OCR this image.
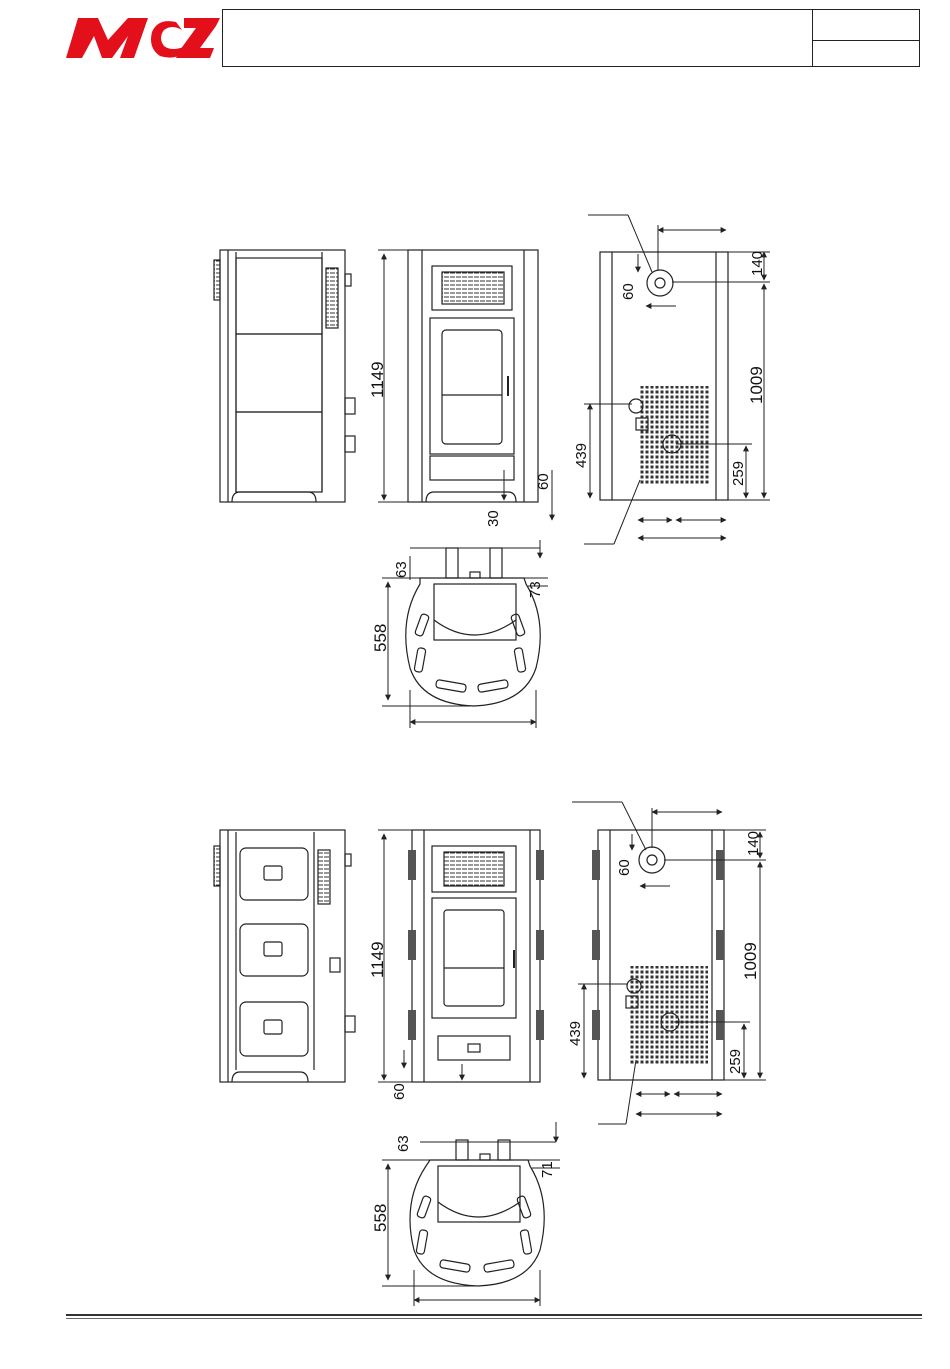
1149
30
60
60
140
1009
439
259
63
73
558
1149
60
60
140
1009
439
259
63
71
558
